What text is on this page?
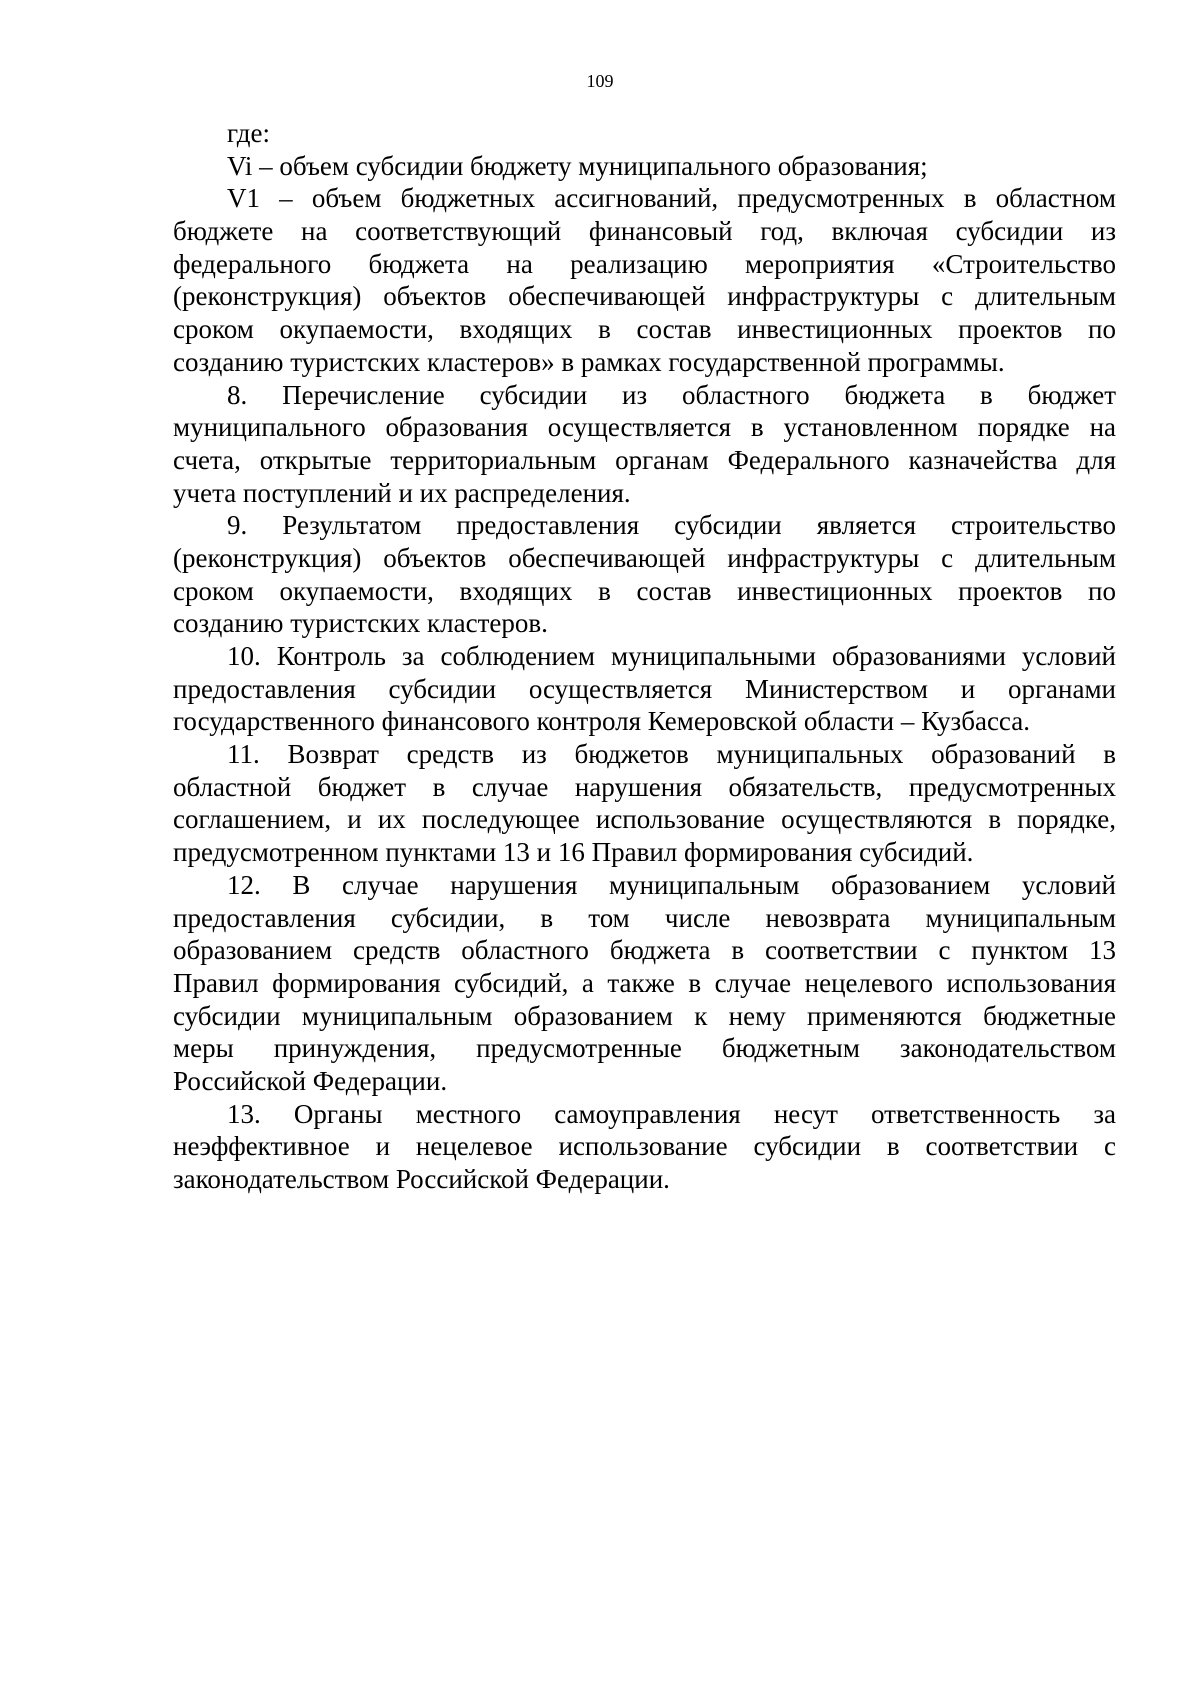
109
где:
Vi – объем субсидии бюджету муниципального образования;
V1 – объем бюджетных ассигнований, предусмотренных в областном
бюджете на соответствующий финансовый год, включая субсидии из
федерального бюджета на реализацию мероприятия «Строительство
(реконструкция) объектов обеспечивающей инфраструктуры с длительным
сроком окупаемости, входящих в состав инвестиционных проектов по
созданию туристских кластеров» в рамках государственной программы.
8. Перечисление субсидии из областного бюджета в бюджет
муниципального образования осуществляется в установленном порядке на
счета, открытые территориальным органам Федерального казначейства для
учета поступлений и их распределения.
9. Результатом предоставления субсидии является строительство
(реконструкция) объектов обеспечивающей инфраструктуры с длительным
сроком окупаемости, входящих в состав инвестиционных проектов по
созданию туристских кластеров.
10. Контроль за соблюдением муниципальными образованиями условий
предоставления субсидии осуществляется Министерством и органами
государственного финансового контроля Кемеровской области – Кузбасса.
11. Возврат средств из бюджетов муниципальных образований в
областной бюджет в случае нарушения обязательств, предусмотренных
соглашением, и их последующее использование осуществляются в порядке,
предусмотренном пунктами 13 и 16 Правил формирования субсидий.
12. В случае нарушения муниципальным образованием условий
предоставления субсидии, в том числе невозврата муниципальным
образованием средств областного бюджета в соответствии с пунктом 13
Правил формирования субсидий, а также в случае нецелевого использования
субсидии муниципальным образованием к нему применяются бюджетные
меры принуждения, предусмотренные бюджетным законодательством
Российской Федерации.
13. Органы местного самоуправления несут ответственность за
неэффективное и нецелевое использование субсидии в соответствии с
законодательством Российской Федерации.
